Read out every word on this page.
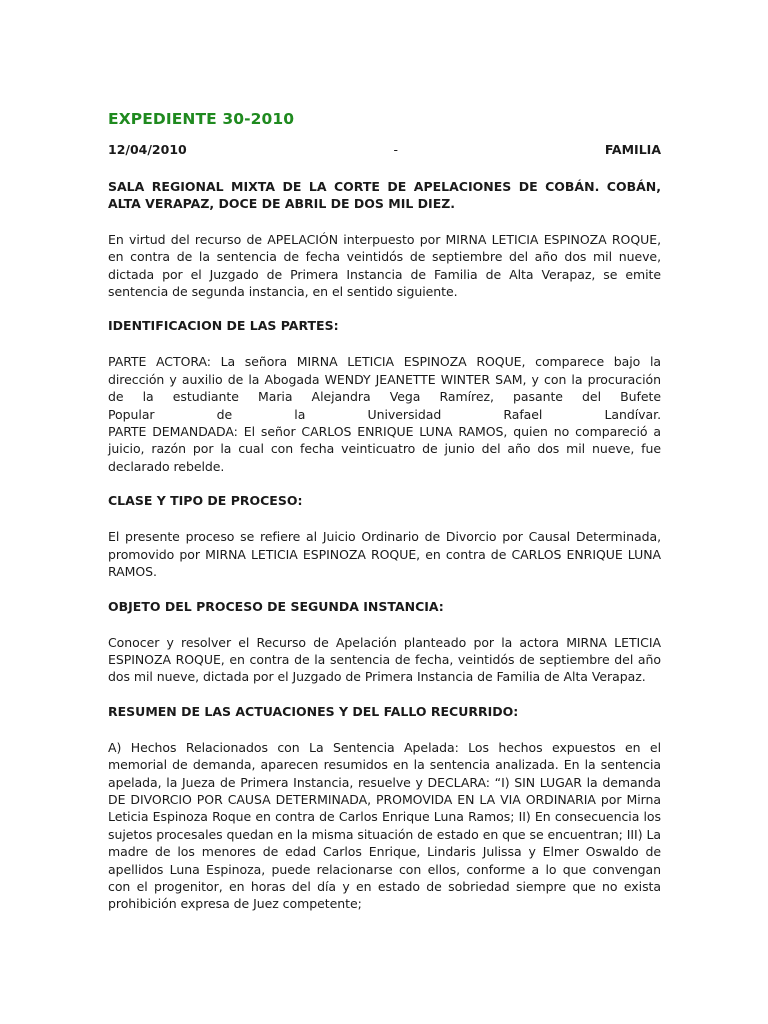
EXPEDIENTE 30-2010
12/04/2010	-	FAMILIA
SALA REGIONAL MIXTA DE LA CORTE DE APELACIONES DE COBÁN. COBÁN, ALTA VERAPAZ, DOCE DE ABRIL DE DOS MIL DIEZ.
En virtud del recurso de APELACIÓN interpuesto por MIRNA LETICIA ESPINOZA ROQUE, en contra de la sentencia de fecha veintidós de septiembre del año dos mil nueve, dictada por el Juzgado de Primera Instancia de Familia de Alta Verapaz, se emite sentencia de segunda instancia, en el sentido siguiente.
IDENTIFICACION DE LAS PARTES:
PARTE ACTORA: La señora MIRNA LETICIA ESPINOZA ROQUE, comparece bajo la dirección y auxilio de la Abogada WENDY JEANETTE WINTER SAM, y con la procuración de la estudiante Maria Alejandra Vega Ramírez, pasante del Bufete
Popular de la Universidad Rafael Landívar.
PARTE DEMANDADA: El señor CARLOS ENRIQUE LUNA RAMOS, quien no compareció a juicio, razón por la cual con fecha veinticuatro de junio del año dos mil nueve, fue declarado rebelde.
CLASE Y TIPO DE PROCESO:
El presente proceso se refiere al Juicio Ordinario de Divorcio por Causal Determinada, promovido por MIRNA LETICIA ESPINOZA ROQUE, en contra de CARLOS ENRIQUE LUNA RAMOS.
OBJETO DEL PROCESO DE SEGUNDA INSTANCIA:
Conocer y resolver el Recurso de Apelación planteado por la actora MIRNA LETICIA ESPINOZA ROQUE, en contra de la sentencia de fecha, veintidós de septiembre del año dos mil nueve, dictada por el Juzgado de Primera Instancia de Familia de Alta Verapaz.
RESUMEN DE LAS ACTUACIONES Y DEL FALLO RECURRIDO:
A) Hechos Relacionados con La Sentencia Apelada: Los hechos expuestos en el memorial de demanda, aparecen resumidos en la sentencia analizada. En la sentencia apelada, la Jueza de Primera Instancia, resuelve y DECLARA: “I) SIN LUGAR la demanda DE DIVORCIO POR CAUSA DETERMINADA, PROMOVIDA EN LA VIA ORDINARIA por Mirna Leticia Espinoza Roque en contra de Carlos Enrique Luna Ramos; II) En consecuencia los sujetos procesales quedan en la misma situación de estado en que se encuentran; III) La madre de los menores de edad Carlos Enrique, Lindaris Julissa y Elmer Oswaldo de apellidos Luna Espinoza, puede relacionarse con ellos, conforme a lo que convengan con el progenitor, en horas del día y en estado de sobriedad siempre que no exista prohibición expresa de Juez competente;
